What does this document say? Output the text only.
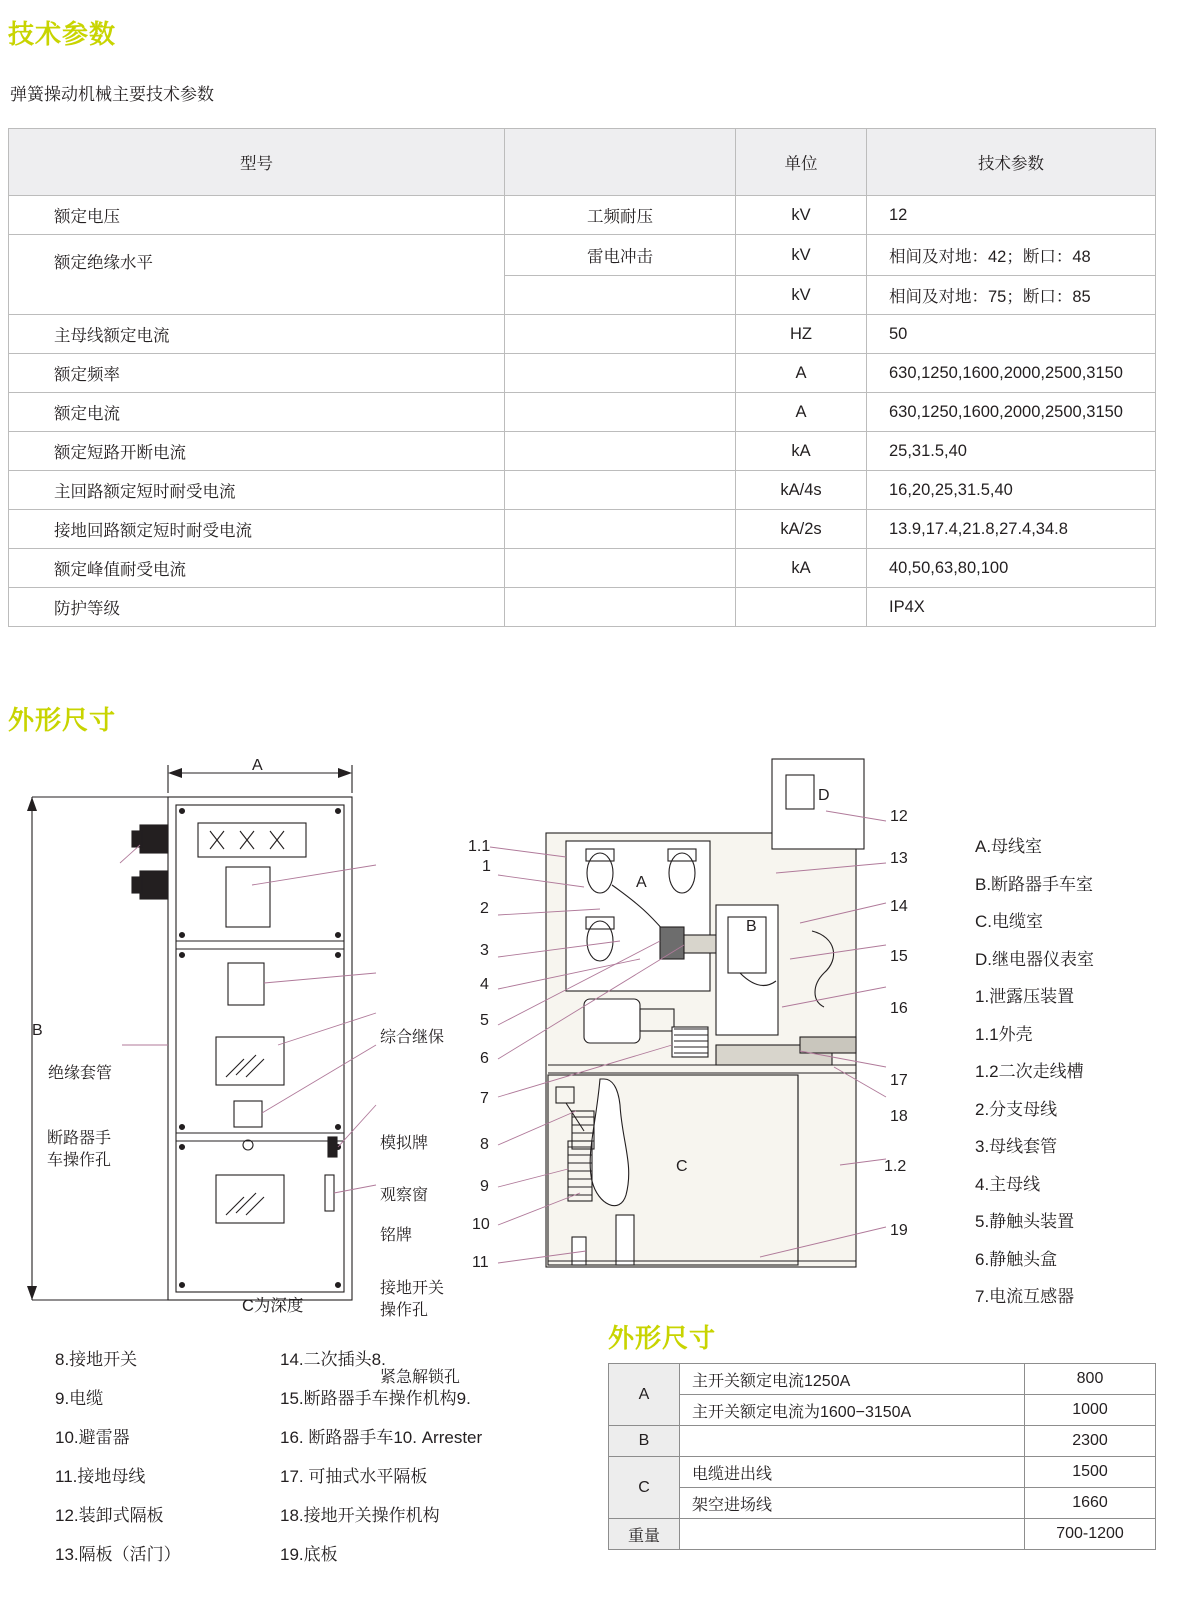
技术参数
弹簧操动机械主要技术参数
型号		单位	技术参数
额定电压	工频耐压	kV	12
额定绝缘水平	雷电冲击	kV	相间及对地：42；断口：48
		kV	相间及对地：75；断口：85
主母线额定电流		HZ	50
额定频率		A	630,1250,1600,2000,2500,3150
额定电流		A	630,1250,1600,2000,2500,3150
额定短路开断电流		kA	25,31.5,40
主回路额定短时耐受电流		kA/4s	16,20,25,31.5,40
接地回路额定短时耐受电流		kA/2s	13.9,17.4,21.8,27.4,34.8
额定峰值耐受电流		kA	40,50,63,80,100
防护等级			IP4X
外形尺寸
A
B
断路器手
车操作孔
绝缘套管
综合继保
模拟牌
观察窗
铭牌
接地开关
操作孔
紧急解锁孔
C为深度
1.1
1
2
3
4
5
6
7
8
9
10
11
12
13
14
15
16
17
18
1.2
19
A
B
C
D
A.母线室
B.断路器手车室
C.电缆室
D.继电器仪表室
1.泄露压装置
1.1外壳
1.2二次走线槽
2.分支母线
3.母线套管
4.主母线
5.静触头装置
6.静触头盒
7.电流互感器
8.接地开关
9.电缆
10.避雷器
11.接地母线
12.装卸式隔板
13.隔板（活门）
14.二次插头8.
15.断路器手车操作机构9.
16. 断路器手车10. Arrester
17. 可抽式水平隔板
18.接地开关操作机构
19.底板
外形尺寸
A	主开关额定电流1250A	800
	主开关额定电流为1600−3150A	1000
B		2300
C	电缆进出线	1500
	架空进场线	1660
重量		700-1200
